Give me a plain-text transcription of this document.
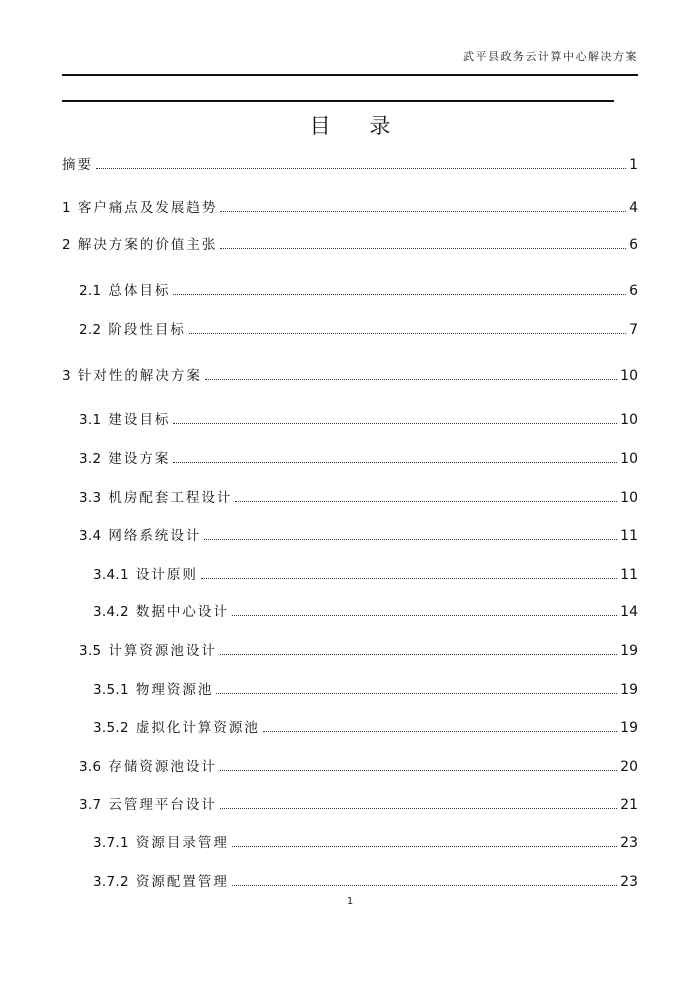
武平县政务云计算中心解决方案
目 录
摘要	1
1 客户痛点及发展趋势	4
2 解决方案的价值主张	6
2.1 总体目标	6
2.2 阶段性目标	7
3 针对性的解决方案	10
3.1 建设目标	10
3.2 建设方案	10
3.3 机房配套工程设计	10
3.4 网络系统设计	11
3.4.1 设计原则	11
3.4.2 数据中心设计	14
3.5 计算资源池设计	19
3.5.1 物理资源池	19
3.5.2 虚拟化计算资源池	19
3.6 存储资源池设计	20
3.7 云管理平台设计	21
3.7.1 资源目录管理	23
3.7.2 资源配置管理	23
1
